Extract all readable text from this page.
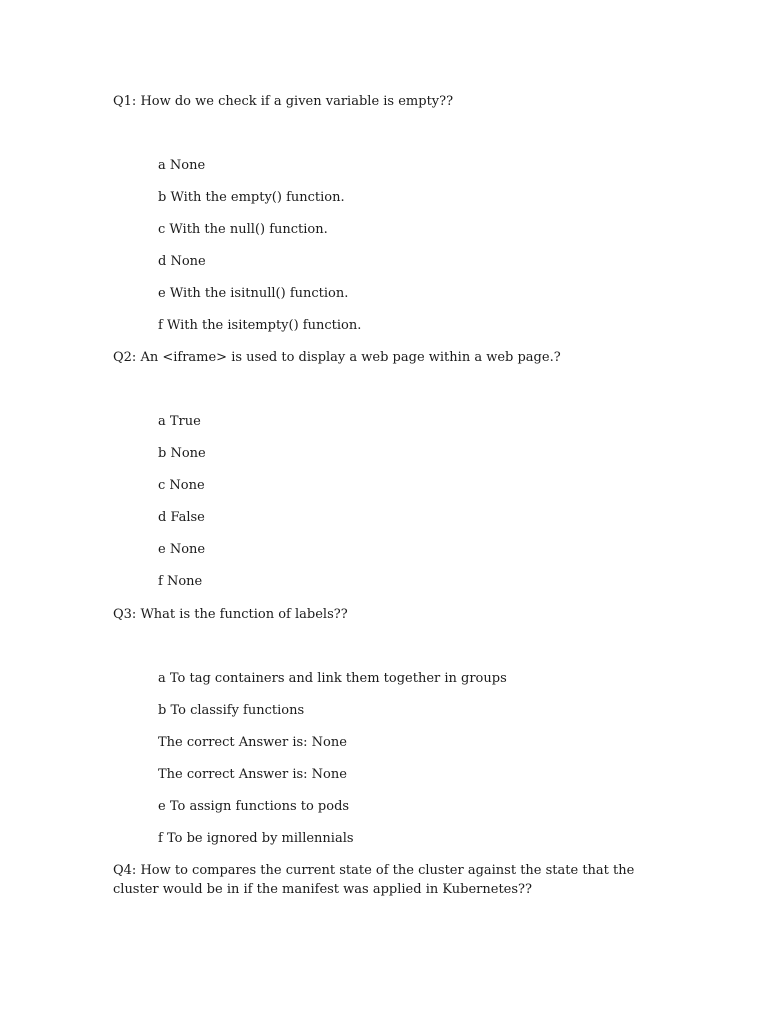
Q1: How do we check if a given variable is empty??

a None
b With the empty() function.
c With the null() function.
d None
e With the isitnull() function.
f With the isitempty() function.

Q2: An <iframe> is used to display a web page within a web page.?

a True
b None
c None
d False
e None
f None

Q3: What is the function of labels??

a To tag containers and link them together in groups
b To classify functions
The correct Answer is: None
The correct Answer is: None
e To assign functions to pods
f To be ignored by millennials

Q4: How to compares the current state of the cluster against the state that the cluster would be in if the manifest was applied in Kubernetes??
